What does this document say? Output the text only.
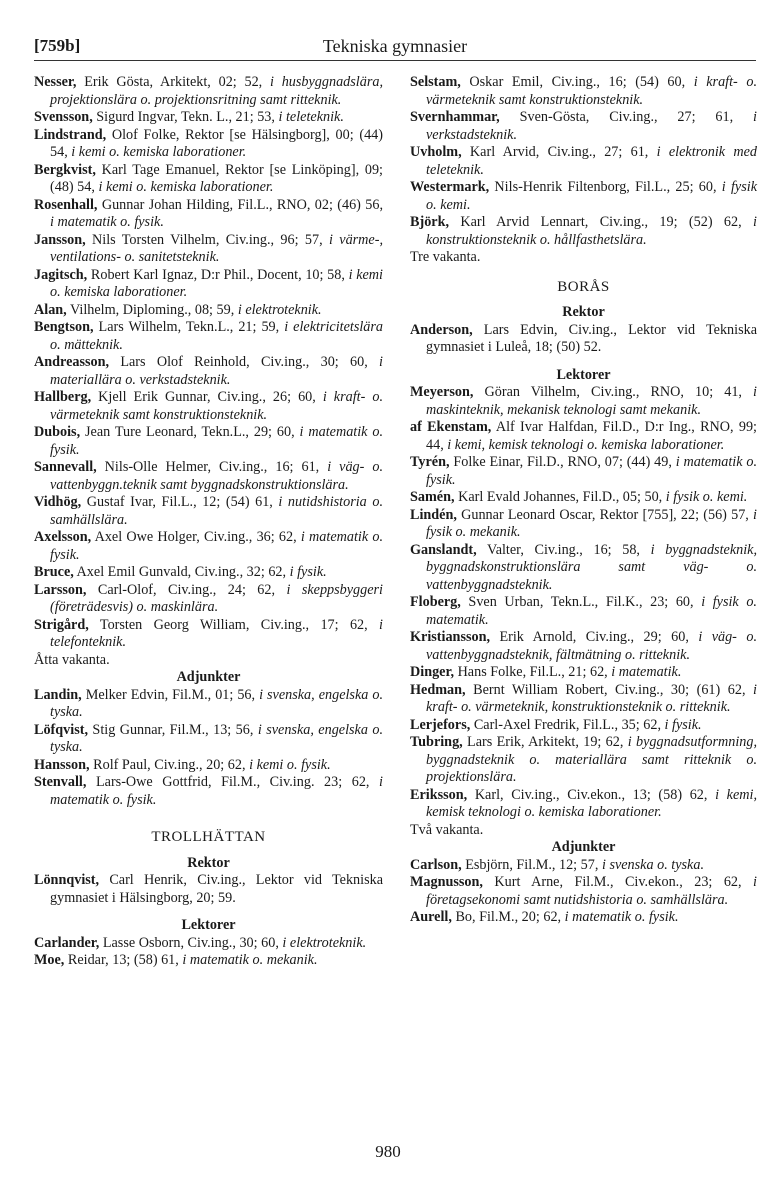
[759b]	Tekniska gymnasier

Nesser, Erik Gösta, Arkitekt, 02; 52, i husbyggnadslära, projektionslära o. projektionsritning samt ritteknik.

Svensson, Sigurd Ingvar, Tekn. L., 21; 53, i teleteknik.

Lindstrand, Olof Folke, Rektor [se Hälsingborg], 00; (44) 54, i kemi o. kemiska laborationer.

Bergkvist, Karl Tage Emanuel, Rektor [se Linköping], 09; (48) 54, i kemi o. kemiska laborationer.

Rosenhall, Gunnar Johan Hilding, Fil.L., RNO, 02; (46) 56, i matematik o. fysik.

Jansson, Nils Torsten Vilhelm, Civ.ing., 96; 57, i värme-, ventilations- o. sanitetsteknik.

Jagitsch, Robert Karl Ignaz, D:r Phil., Docent, 10; 58, i kemi o. kemiska laborationer.

Alan, Vilhelm, Diploming., 08; 59, i elektroteknik.

Bengtson, Lars Wilhelm, Tekn.L., 21; 59, i elektricitetslära o. mätteknik.

Andreasson, Lars Olof Reinhold, Civ.ing., 30; 60, i materiallära o. verkstadsteknik.

Hallberg, Kjell Erik Gunnar, Civ.ing., 26; 60, i kraft- o. värmeteknik samt konstruktionsteknik.

Dubois, Jean Ture Leonard, Tekn.L., 29; 60, i matematik o. fysik.

Sannevall, Nils-Olle Helmer, Civ.ing., 16; 61, i väg- o. vattenbyggn.teknik samt byggnadskonstruktionslära.

Vidhög, Gustaf Ivar, Fil.L., 12; (54) 61, i nutidshistoria o. samhällslära.

Axelsson, Axel Owe Holger, Civ.ing., 36; 62, i matematik o. fysik.

Bruce, Axel Emil Gunvald, Civ.ing., 32; 62, i fysik.

Larsson, Carl-Olof, Civ.ing., 24; 62, i skeppsbyggeri (företrädesvis) o. maskinlära.

Strigård, Torsten Georg William, Civ.ing., 17; 62, i telefonteknik.

Åtta vakanta.

Adjunkter

Landin, Melker Edvin, Fil.M., 01; 56, i svenska, engelska o. tyska.

Löfqvist, Stig Gunnar, Fil.M., 13; 56, i svenska, engelska o. tyska.

Hansson, Rolf Paul, Civ.ing., 20; 62, i kemi o. fysik.

Stenvall, Lars-Owe Gottfrid, Fil.M., Civ.ing. 23; 62, i matematik o. fysik.

TROLLHÄTTAN

Rektor

Lönnqvist, Carl Henrik, Civ.ing., Lektor vid Tekniska gymnasiet i Hälsingborg, 20; 59.

Lektorer

Carlander, Lasse Osborn, Civ.ing., 30; 60, i elektroteknik.

Moe, Reidar, 13; (58) 61, i matematik o. mekanik.

Selstam, Oskar Emil, Civ.ing., 16; (54) 60, i kraft- o. värmeteknik samt konstruktionsteknik.

Svernhammar, Sven-Gösta, Civ.ing., 27; 61, i verkstadsteknik.

Uvholm, Karl Arvid, Civ.ing., 27; 61, i elektronik med teleteknik.

Westermark, Nils-Henrik Filtenborg, Fil.L., 25; 60, i fysik o. kemi.

Björk, Karl Arvid Lennart, Civ.ing., 19; (52) 62, i konstruktionsteknik o. hållfasthetslära.

Tre vakanta.

BORÅS

Rektor

Anderson, Lars Edvin, Civ.ing., Lektor vid Tekniska gymnasiet i Luleå, 18; (50) 52.

Lektorer

Meyerson, Göran Vilhelm, Civ.ing., RNO, 10; 41, i maskinteknik, mekanisk teknologi samt mekanik.

af Ekenstam, Alf Ivar Halfdan, Fil.D., D:r Ing., RNO, 99; 44, i kemi, kemisk teknologi o. kemiska laborationer.

Tyrén, Folke Einar, Fil.D., RNO, 07; (44) 49, i matematik o. fysik.

Samén, Karl Evald Johannes, Fil.D., 05; 50, i fysik o. kemi.

Lindén, Gunnar Leonard Oscar, Rektor [755], 22; (56) 57, i fysik o. mekanik.

Ganslandt, Valter, Civ.ing., 16; 58, i byggnadsteknik, byggnadskonstruktionslära samt väg- o. vattenbyggnadsteknik.

Floberg, Sven Urban, Tekn.L., Fil.K., 23; 60, i fysik o. matematik.

Kristiansson, Erik Arnold, Civ.ing., 29; 60, i väg- o. vattenbyggnadsteknik, fältmätning o. ritteknik.

Dinger, Hans Folke, Fil.L., 21; 62, i matematik.

Hedman, Bernt William Robert, Civ.ing., 30; (61) 62, i kraft- o. värmeteknik, konstruktionsteknik o. ritteknik.

Lerjefors, Carl-Axel Fredrik, Fil.L., 35; 62, i fysik.

Tubring, Lars Erik, Arkitekt, 19; 62, i byggnadsutformning, byggnadsteknik o. materiallära samt ritteknik o. projektionslära.

Eriksson, Karl, Civ.ing., Civ.ekon., 13; (58) 62, i kemi, kemisk teknologi o. kemiska laborationer.

Två vakanta.

Adjunkter

Carlson, Esbjörn, Fil.M., 12; 57, i svenska o. tyska.

Magnusson, Kurt Arne, Fil.M., Civ.ekon., 23; 62, i företagsekonomi samt nutidshistoria o. samhällslära.

Aurell, Bo, Fil.M., 20; 62, i matematik o. fysik.

980
